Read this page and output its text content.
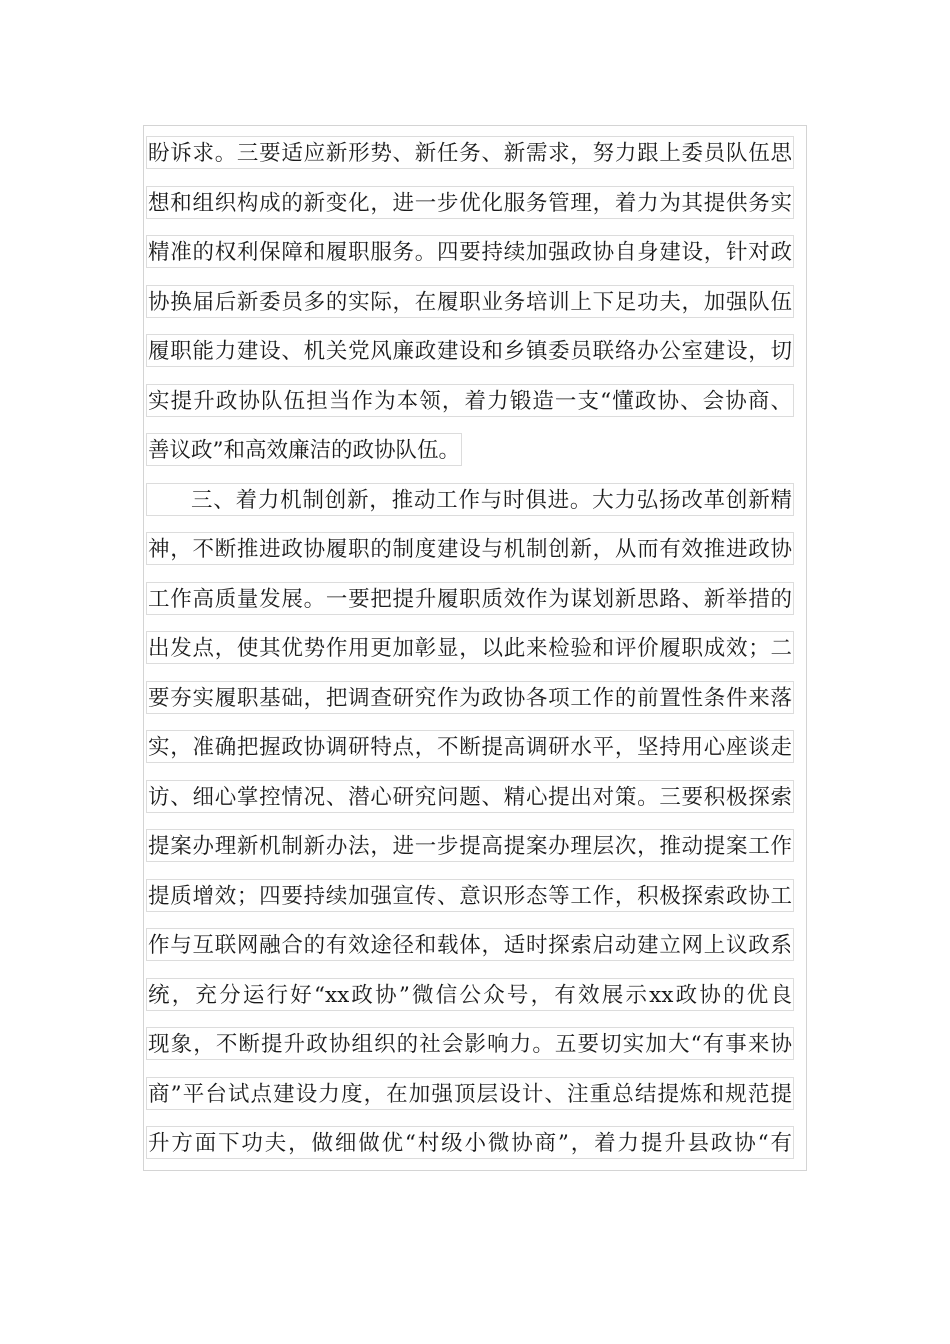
盼诉求。三要适应新形势、新任务、新需求，努力跟上委员队伍思
想和组织构成的新变化，进一步优化服务管理，着力为其提供务实
精准的权利保障和履职服务。四要持续加强政协自身建设，针对政
协换届后新委员多的实际，在履职业务培训上下足功夫，加强队伍
履职能力建设、机关党风廉政建设和乡镇委员联络办公室建设，切
实提升政协队伍担当作为本领，着力锻造一支“懂政协、会协商、
善议政”和高效廉洁的政协队伍。
三、着力机制创新，推动工作与时俱进。大力弘扬改革创新精
神，不断推进政协履职的制度建设与机制创新，从而有效推进政协
工作高质量发展。一要把提升履职质效作为谋划新思路、新举措的
出发点，使其优势作用更加彰显，以此来检验和评价履职成效；二
要夯实履职基础，把调查研究作为政协各项工作的前置性条件来落
实，准确把握政协调研特点，不断提高调研水平，坚持用心座谈走
访、细心掌控情况、潜心研究问题、精心提出对策。三要积极探索
提案办理新机制新办法，进一步提高提案办理层次，推动提案工作
提质增效；四要持续加强宣传、意识形态等工作，积极探索政协工
作与互联网融合的有效途径和载体，适时探索启动建立网上议政系
统，充分运行好“xx政协”微信公众号，有效展示xx政协的优良
现象，不断提升政协组织的社会影响力。五要切实加大“有事来协
商”平台试点建设力度，在加强顶层设计、注重总结提炼和规范提
升方面下功夫，做细做优“村级小微协商”，着力提升县政协“有
